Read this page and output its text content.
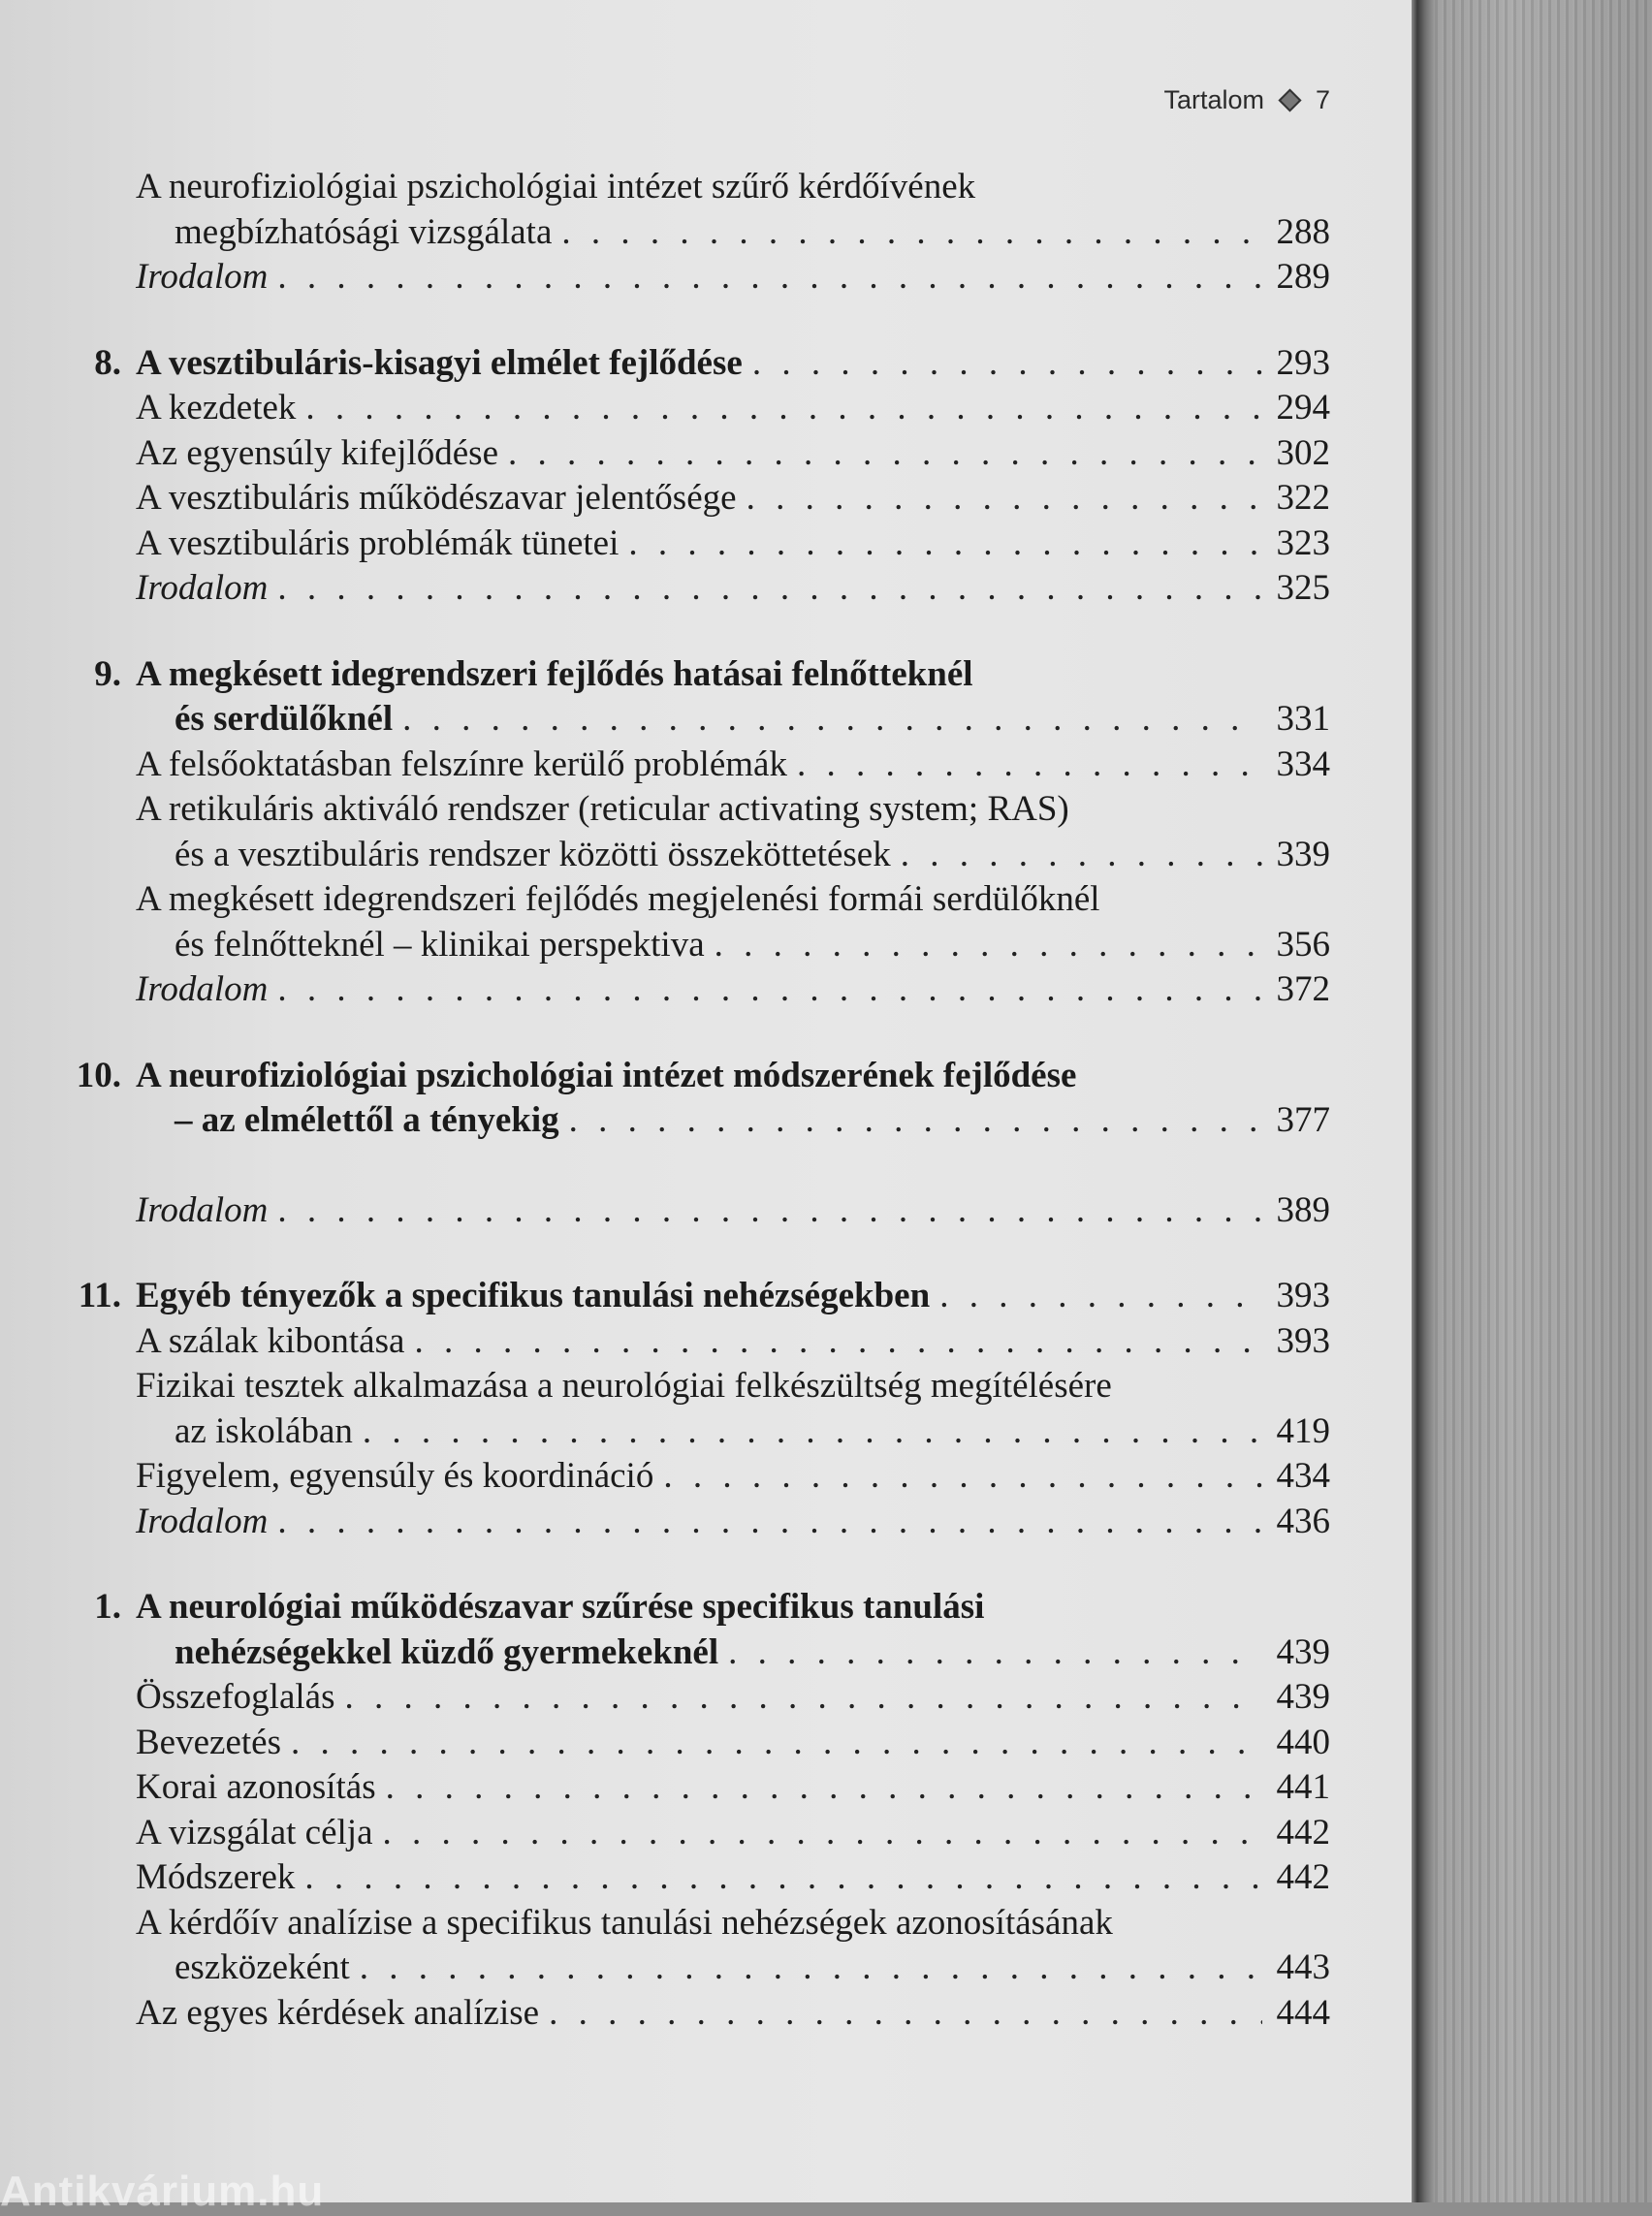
Tartalom 7
A neurofiziológiai pszichológiai intézet szűrő kérdőívének
megbízhatósági vizsgálata . . .	288
Irodalom . . .	289
8. A vesztibuláris-kisagyi elmélet fejlődése . . .	293
A kezdetek . . .	294
Az egyensúly kifejlődése . . .	302
A vesztibuláris működészavar jelentősége . . .	322
A vesztibuláris problémák tünetei . . .	323
Irodalom . . .	325
9. A megkésett idegrendszeri fejlődés hatásai felnőtteknél
és serdülőknél . . .	331
A felsőoktatásban felszínre kerülő problémák . . .	334
A retikuláris aktiváló rendszer (reticular activating system; RAS)
és a vesztibuláris rendszer közötti összeköttetések . . .	339
A megkésett idegrendszeri fejlődés megjelenési formái serdülőknél
és felnőtteknél – klinikai perspektiva . . .	356
Irodalom . . .	372
10. A neurofiziológiai pszichológiai intézet módszerének fejlődése
– az elmélettől a tényekig . . .	377
Irodalom . . .	389
11. Egyéb tényezők a specifikus tanulási nehézségekben . . .	393
A szálak kibontása . . .	393
Fizikai tesztek alkalmazása a neurológiai felkészültség megítélésére
az iskolában . . .	419
Figyelem, egyensúly és koordináció . . .	434
Irodalom . . .	436
1. A neurológiai működészavar szűrése specifikus tanulási
nehézségekkel küzdő gyermekeknél . . .	439
Összefoglalás . . .	439
Bevezetés . . .	440
Korai azonosítás . . .	441
A vizsgálat célja . . .	442
Módszerek . . .	442
A kérdőív analízise a specifikus tanulási nehézségek azonosításának
eszközeként . . .	443
Az egyes kérdések analízise . . .	444
Antikvárium.hu
